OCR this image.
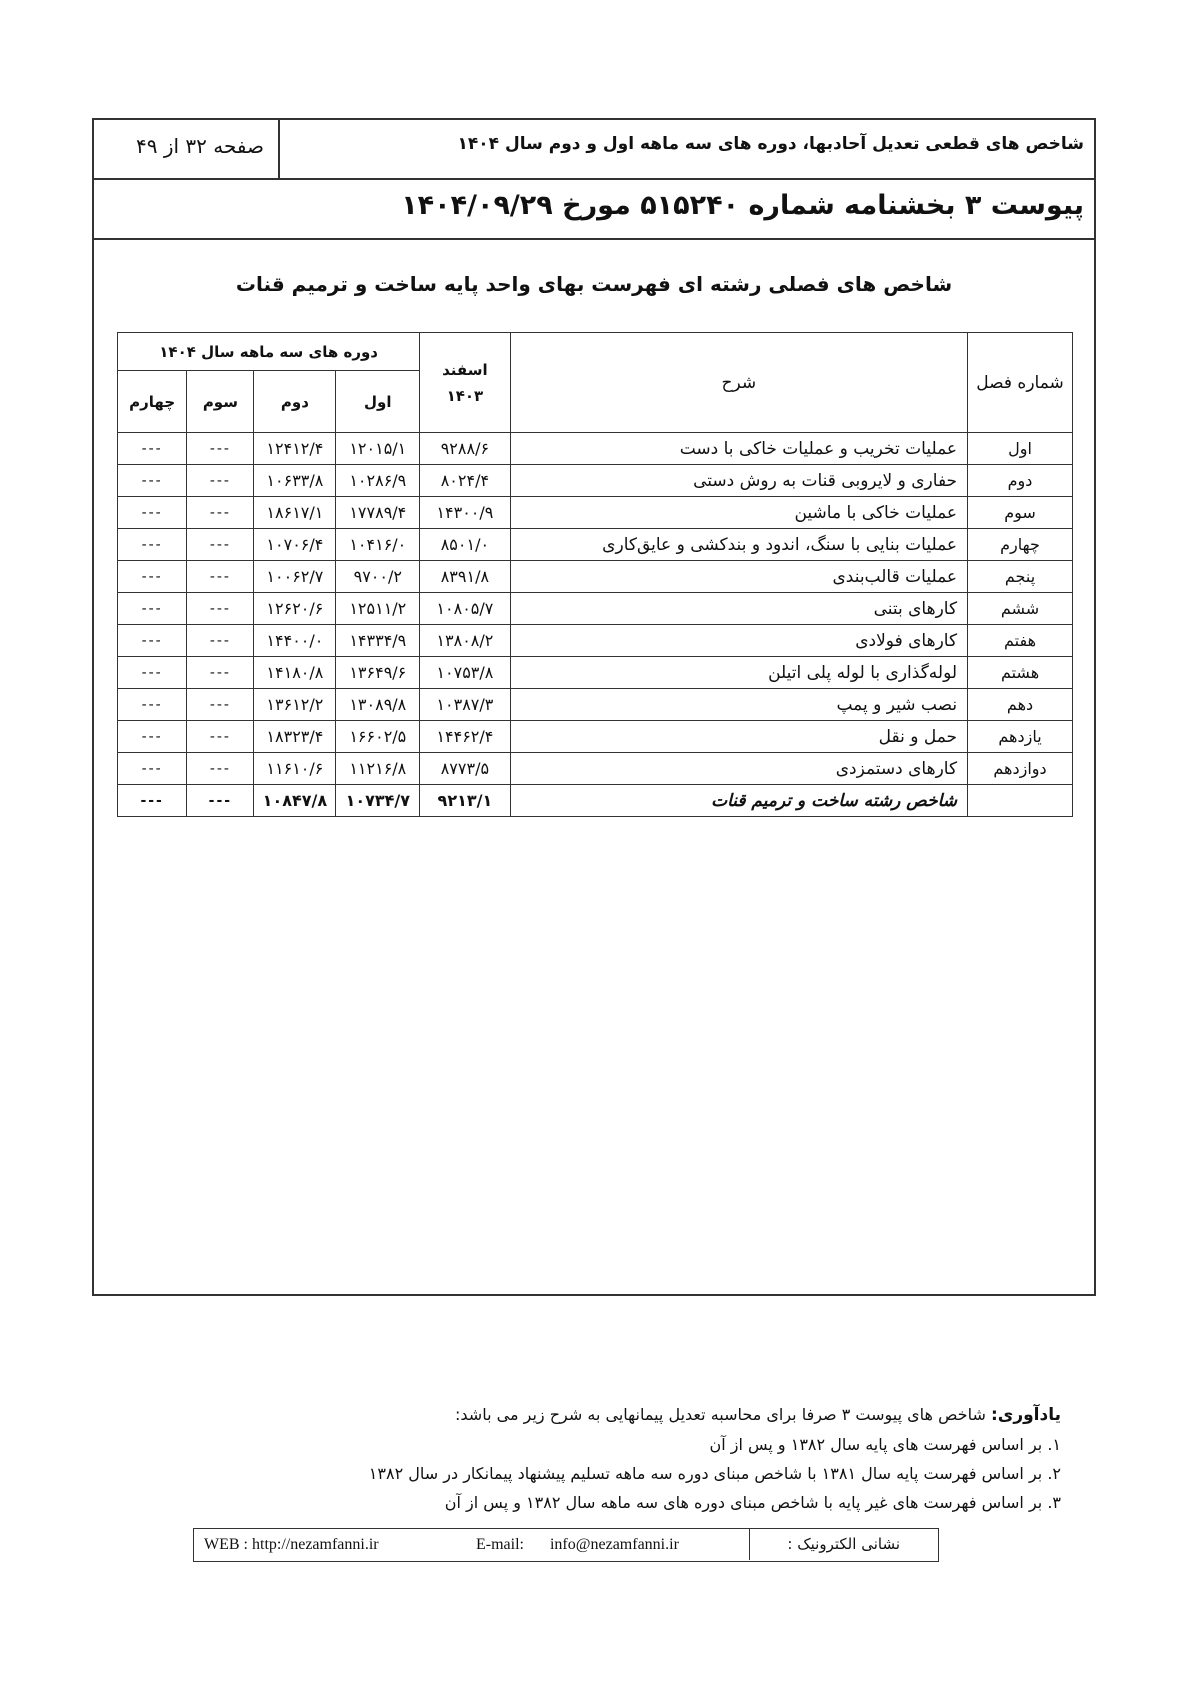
شاخص های قطعی تعدیل آحادبها، دوره های سه ماهه اول و دوم سال ۱۴۰۴
صفحه ۳۲ از ۴۹
پیوست ۳ بخشنامه شماره ۵۱۵۲۴۰ مورخ ۱۴۰۴/۰۹/۲۹
شاخص های فصلی رشته ای فهرست بهای واحد پایه ساخت و ترمیم قنات
شماره فصل	شرح	اسفند ۱۴۰۳	دوره های سه ماهه سال ۱۴۰۴			
			اول	دوم	سوم	چهارم
اول	عملیات تخریب و عملیات خاکی با دست	۹۲۸۸/۶	۱۲۰۱۵/۱	۱۲۴۱۲/۴	---	---
دوم	حفاری و لایروبی قنات به روش دستی	۸۰۲۴/۴	۱۰۲۸۶/۹	۱۰۶۳۳/۸	---	---
سوم	عملیات خاکی با ماشین	۱۴۳۰۰/۹	۱۷۷۸۹/۴	۱۸۶۱۷/۱	---	---
چهارم	عملیات بنایی با سنگ، اندود و بندکشی و عایق‌کاری	۸۵۰۱/۰	۱۰۴۱۶/۰	۱۰۷۰۶/۴	---	---
پنجم	عملیات قالب‌بندی	۸۳۹۱/۸	۹۷۰۰/۲	۱۰۰۶۲/۷	---	---
ششم	کارهای بتنی	۱۰۸۰۵/۷	۱۲۵۱۱/۲	۱۲۶۲۰/۶	---	---
هفتم	کارهای فولادی	۱۳۸۰۸/۲	۱۴۳۳۴/۹	۱۴۴۰۰/۰	---	---
هشتم	لوله‌گذاری با لوله پلی اتیلن	۱۰۷۵۳/۸	۱۳۶۴۹/۶	۱۴۱۸۰/۸	---	---
دهم	نصب شیر و پمپ	۱۰۳۸۷/۳	۱۳۰۸۹/۸	۱۳۶۱۲/۲	---	---
یازدهم	حمل و نقل	۱۴۴۶۲/۴	۱۶۶۰۲/۵	۱۸۳۲۳/۴	---	---
دوازدهم	کارهای دستمزدی	۸۷۷۳/۵	۱۱۲۱۶/۸	۱۱۶۱۰/۶	---	---
	شاخص رشته ساخت و ترمیم قنات	۹۲۱۳/۱	۱۰۷۳۴/۷	۱۰۸۴۷/۸	---	---
یادآوری: شاخص های پیوست ۳ صرفا برای محاسبه تعدیل پیمانهایی به شرح زیر می باشد:
۱. بر اساس فهرست های پایه سال ۱۳۸۲ و پس از آن
۲. بر اساس فهرست پایه سال ۱۳۸۱ با شاخص مبنای دوره سه ماهه تسلیم پیشنهاد پیمانکار در سال ۱۳۸۲
۳. بر اساس فهرست های غیر پایه با شاخص مبنای دوره های سه ماهه سال ۱۳۸۲ و پس از آن
نشانی الکترونیک :
WEB : http://nezamfanni.ir	E-mail: info@nezamfanni.ir
